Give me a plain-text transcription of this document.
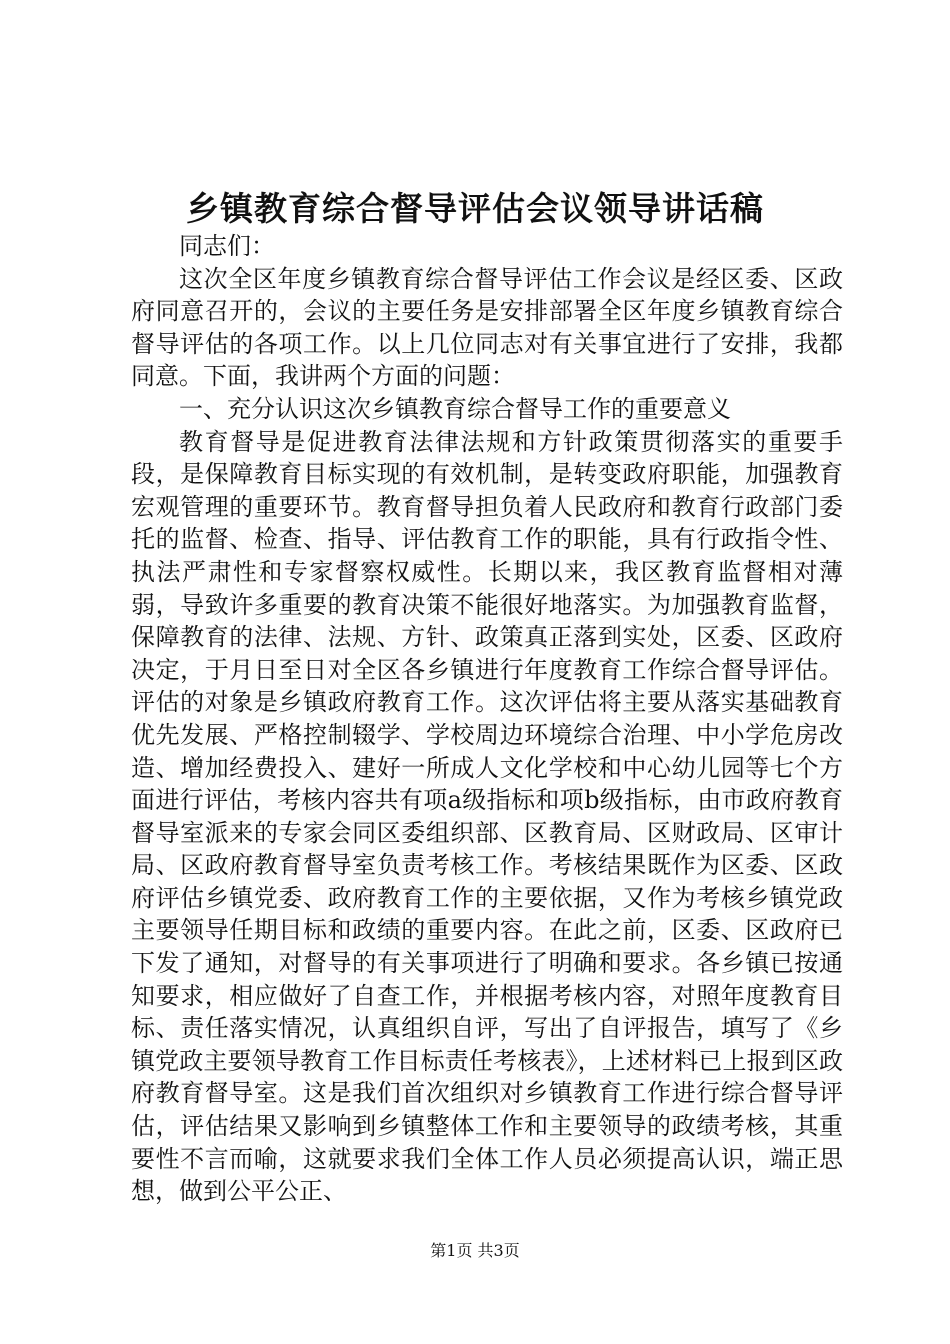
乡镇教育综合督导评估会议领导讲话稿

同志们：

这次全区年度乡镇教育综合督导评估工作会议是经区委、区政府同意召开的，会议的主要任务是安排部署全区年度乡镇教育综合督导评估的各项工作。以上几位同志对有关事宜进行了安排，我都同意。下面，我讲两个方面的问题：

一、充分认识这次乡镇教育综合督导工作的重要意义

教育督导是促进教育法律法规和方针政策贯彻落实的重要手段，是保障教育目标实现的有效机制，是转变政府职能，加强教育宏观管理的重要环节。教育督导担负着人民政府和教育行政部门委托的监督、检查、指导、评估教育工作的职能，具有行政指令性、执法严肃性和专家督察权威性。长期以来，我区教育监督相对薄弱，导致许多重要的教育决策不能很好地落实。为加强教育监督，保障教育的法律、法规、方针、政策真正落到实处，区委、区政府决定，于月日至日对全区各乡镇进行年度教育工作综合督导评估。评估的对象是乡镇政府教育工作。这次评估将主要从落实基础教育优先发展、严格控制辍学、学校周边环境综合治理、中小学危房改造、增加经费投入、建好一所成人文化学校和中心幼儿园等七个方面进行评估，考核内容共有项a级指标和项b级指标，由市政府教育督导室派来的专家会同区委组织部、区教育局、区财政局、区审计局、区政府教育督导室负责考核工作。考核结果既作为区委、区政府评估乡镇党委、政府教育工作的主要依据，又作为考核乡镇党政主要领导任期目标和政绩的重要内容。在此之前，区委、区政府已下发了通知，对督导的有关事项进行了明确和要求。各乡镇已按通知要求，相应做好了自查工作，并根据考核内容，对照年度教育目标、责任落实情况，认真组织自评，写出了自评报告，填写了《乡镇党政主要领导教育工作目标责任考核表》，上述材料已上报到区政府教育督导室。这是我们首次组织对乡镇教育工作进行综合督导评估，评估结果又影响到乡镇整体工作和主要领导的政绩考核，其重要性不言而喻，这就要求我们全体工作人员必须提高认识，端正思想，做到公平公正、

第1页 共3页
